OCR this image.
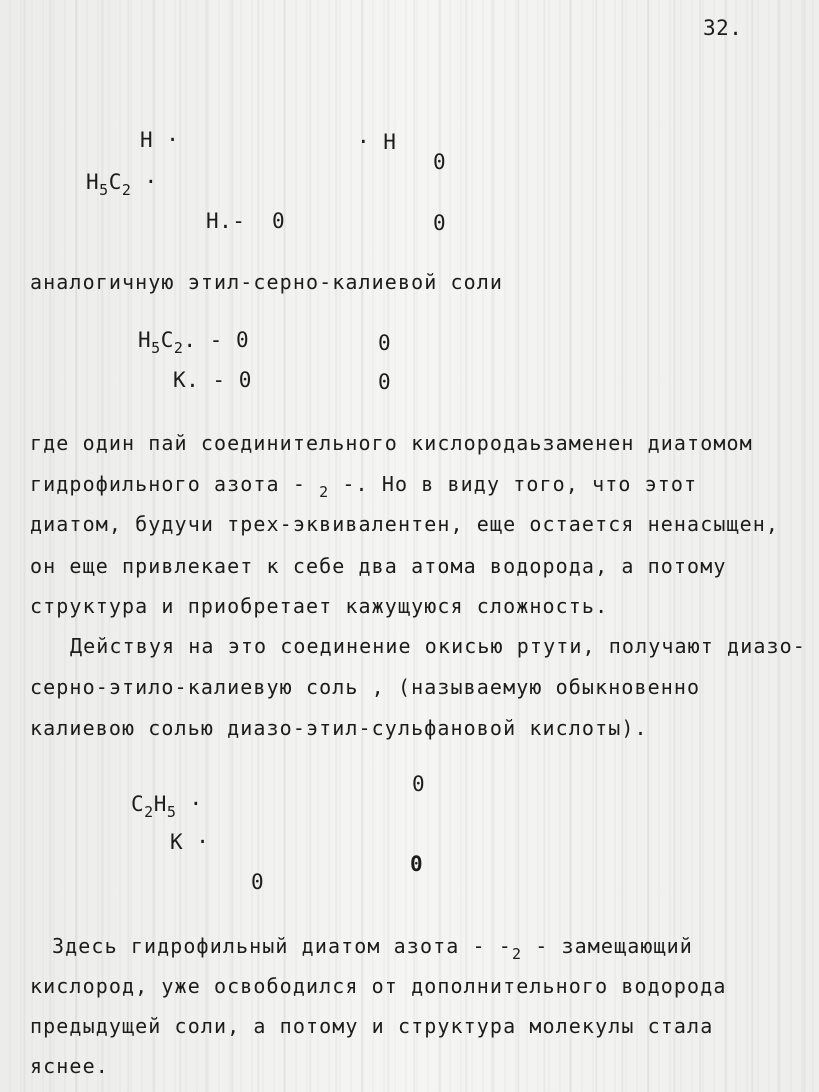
32.
H ·	· H
0
$H_5C_2$ ·
H.- 0	0
аналогичную этил-серно-калиевой соли
$H_5C_2$. - 0	0
K. - 0	0
где один пай соединительного кислородаьзаменен диатомом
гидрофильного азота - $_2$ -. Но в виду того, что этот
диатом, будучи трех-эквивалентен, еще остается ненасыщен,
он еще привлекает к себе два атома водорода, а потому
структура и приобретает кажущуюся сложность.
Действуя на это соединение окисью ртути, получают диазо-
серно-этило-калиевую соль , (называемую обыкновенно
калиевою солью диазо-этил-сульфановой кислоты).
0
$C_2H_5$ ·
K ·
0
0
Здесь гидрофильный диатом азота - $-_2$ - замещающий
кислород, уже освободился от дополнительного водорода
предыдущей соли, а потому и структура молекулы стала
яснее.
